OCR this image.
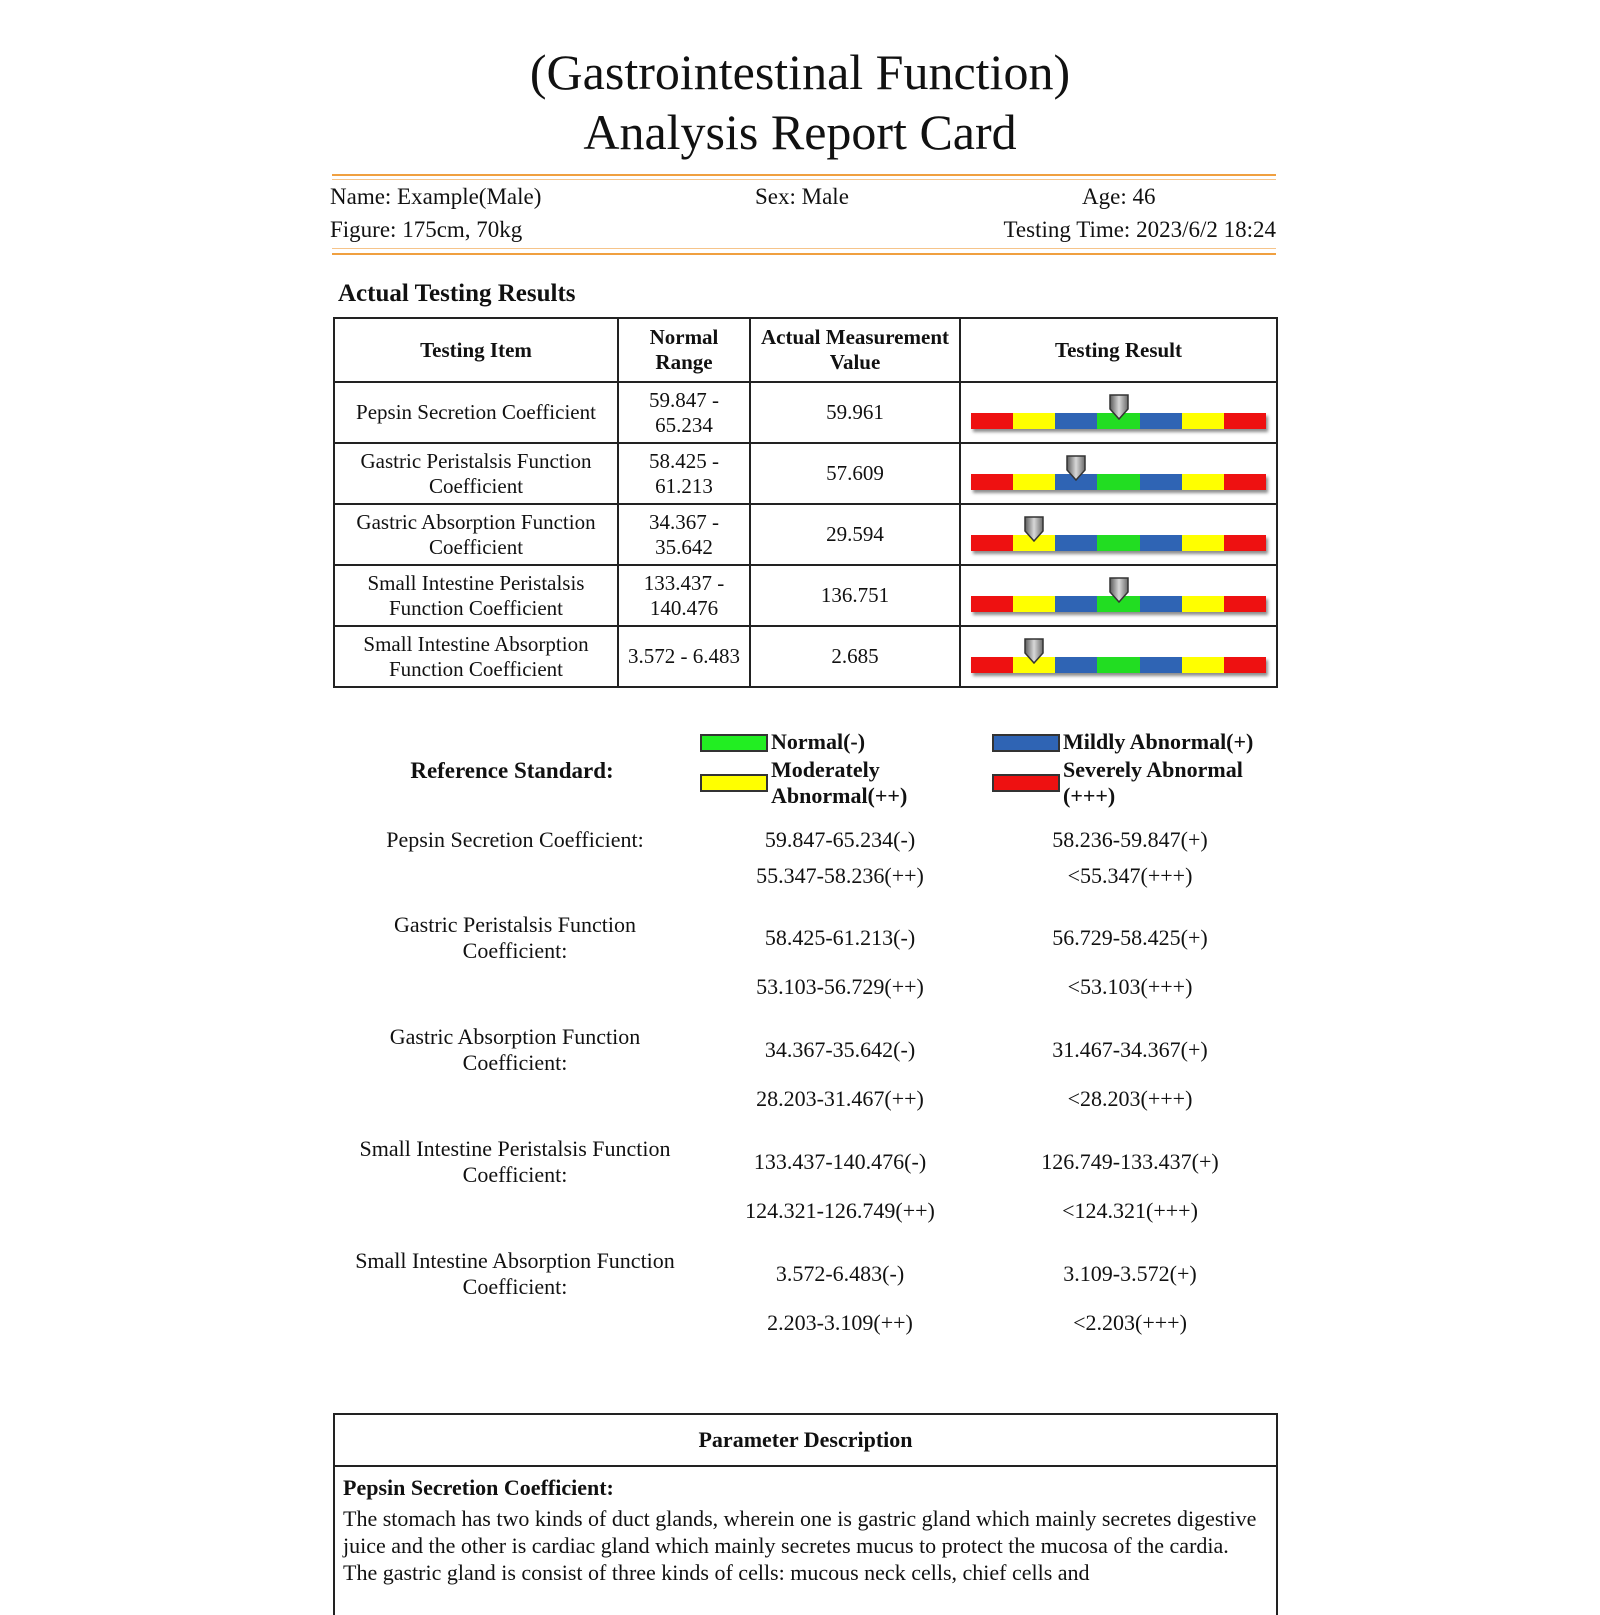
(Gastrointestinal Function)
Analysis Report Card
Name: Example(Male)	Sex: Male	Age: 46
Figure: 175cm, 70kg	Testing Time: 2023/6/2 18:24
Actual Testing Results
Testing Item	Normal Range	Actual Measurement Value	Testing Result
Pepsin Secretion Coefficient	59.847 - 65.234	59.961	

Gastric Peristalsis Function Coefficient	58.425 - 61.213	57.609	

Gastric Absorption Function Coefficient	34.367 - 35.642	29.594	

Small Intestine Peristalsis Function Coefficient	133.437 - 140.476	136.751	

Small Intestine Absorption Function Coefficient	3.572 - 6.483	2.685	
Reference Standard:
Normal(-)	Mildly Abnormal(+)
Moderately Abnormal(++)
Severely Abnormal (+++)
Pepsin Secretion Coefficient:	59.847-65.234(-)	58.236-59.847(+)
55.347-58.236(++)	<55.347(+++)
Gastric Peristalsis Function Coefficient:
58.425-61.213(-)	56.729-58.425(+)
53.103-56.729(++)	<53.103(+++)
Gastric Absorption Function Coefficient:
34.367-35.642(-)	31.467-34.367(+)
28.203-31.467(++)	<28.203(+++)
Small Intestine Peristalsis Function Coefficient:
133.437-140.476(-)	126.749-133.437(+)
124.321-126.749(++)	<124.321(+++)
Small Intestine Absorption Function Coefficient:
3.572-6.483(-)	3.109-3.572(+)
2.203-3.109(++)	<2.203(+++)
Parameter Description
Pepsin Secretion Coefficient:
The stomach has two kinds of duct glands, wherein one is gastric gland which mainly secretes digestive juice and the other is cardiac gland which mainly secretes mucus to protect the mucosa of the cardia. The gastric gland is consist of three kinds of cells: mucous neck cells, chief cells and
